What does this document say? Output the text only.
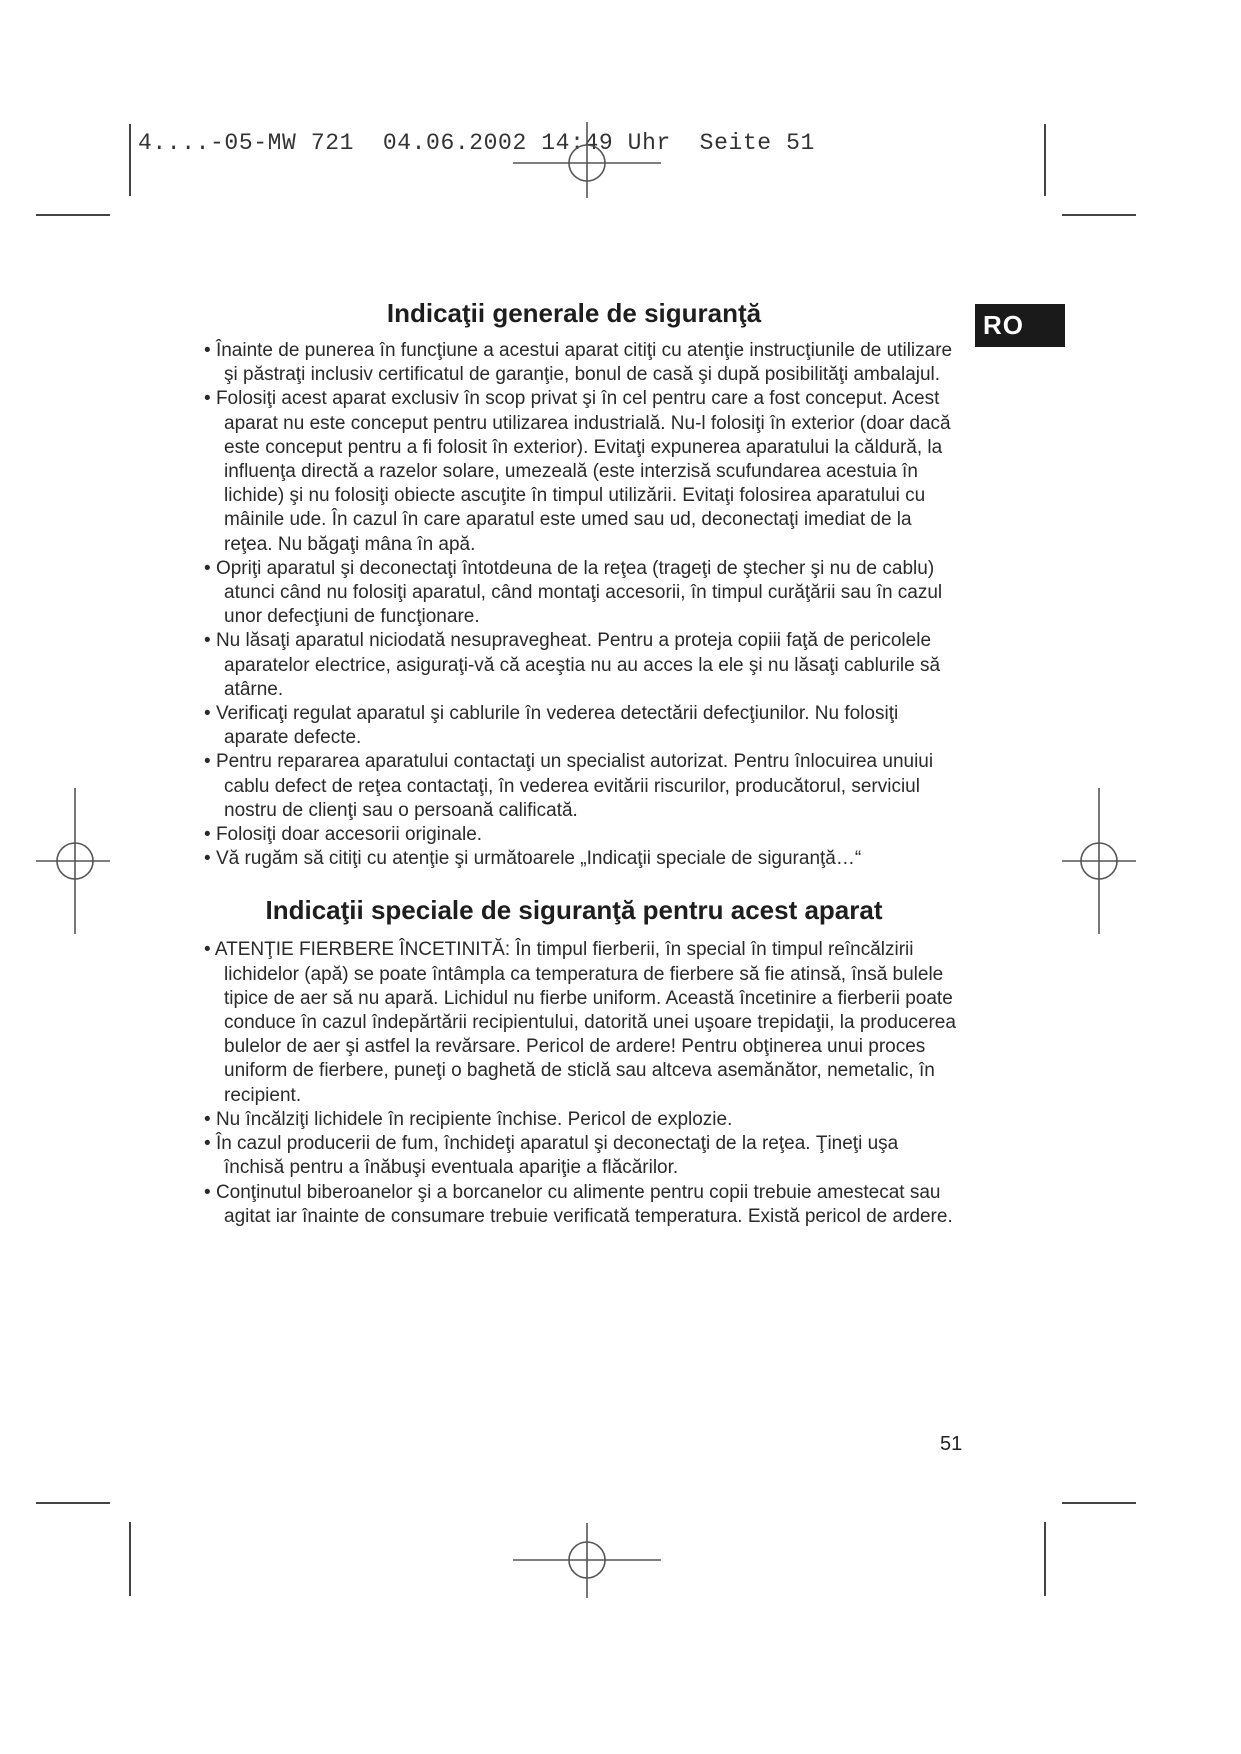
4....-05-MW 721  04.06.2002 14:49 Uhr  Seite 51
RO
Indicaţii generale de siguranţă
• Înainte de punerea în funcţiune a acestui aparat citiţi cu atenţie instrucţiunile de utilizare şi păstraţi inclusiv certificatul de garanţie, bonul de casă şi după posibilităţi ambalajul.
• Folosiţi acest aparat exclusiv în scop privat şi în cel pentru care a fost conceput. Acest aparat nu este conceput pentru utilizarea industrială. Nu-l folosiţi în exterior (doar dacă este conceput pentru a fi folosit în exterior). Evitaţi expunerea aparatului la căldură, la influenţa directă a razelor solare, umezeală (este interzisă scufundarea acestuia în lichide) şi nu folosiţi obiecte ascuţite în timpul utilizării. Evitaţi folosirea aparatului cu mâinile ude. În cazul în care aparatul este umed sau ud, deconectaţi imediat de la reţea. Nu băgaţi mâna în apă.
• Opriţi aparatul şi deconectaţi întotdeuna de la reţea (trageţi de ştecher şi nu de cablu) atunci când nu folosiţi aparatul, când montaţi accesorii, în timpul curăţării sau în cazul unor defecţiuni de funcţionare.
• Nu lăsaţi aparatul niciodată nesupravegheat. Pentru a proteja copiii faţă de pericolele aparatelor electrice, asiguraţi-vă că aceştia nu au acces la ele şi nu lăsaţi cablurile să atârne.
• Verificaţi regulat aparatul şi cablurile în vederea detectării defecţiunilor. Nu folosiţi aparate defecte.
• Pentru repararea aparatului contactaţi un specialist autorizat. Pentru înlocuirea unuiui cablu defect de reţea contactaţi, în vederea evitării riscurilor, producătorul, serviciul nostru de clienţi sau o persoană calificată.
• Folosiţi doar accesorii originale.
• Vă rugăm să citiţi cu atenţie şi următoarele „Indicaţii speciale de siguranţă…“
Indicaţii speciale de siguranţă pentru acest aparat
• ATENŢIE FIERBERE ÎNCETINITĂ: În timpul fierberii, în special în timpul reîncălzirii lichidelor (apă) se poate întâmpla ca temperatura de fierbere să fie atinsă, însă bulele tipice de aer să nu apară. Lichidul nu fierbe uniform. Această încetinire a fierberii poate conduce în cazul îndepărtării recipientului, datorită unei uşoare trepidaţii, la producerea bulelor de aer şi astfel la revărsare. Pericol de ardere! Pentru obţinerea unui proces uniform de fierbere, puneţi o baghetă de sticlă sau altceva asemănător, nemetalic, în recipient.
• Nu încălziţi lichidele în recipiente închise. Pericol de explozie.
• În cazul producerii de fum, închideţi aparatul şi deconectaţi de la reţea. Ţineţi uşa închisă pentru a înăbuşi eventuala apariţie a flăcărilor.
• Conţinutul biberoanelor şi a borcanelor cu alimente pentru copii trebuie amestecat sau agitat iar înainte de consumare trebuie verificată temperatura. Există pericol de ardere.
51
